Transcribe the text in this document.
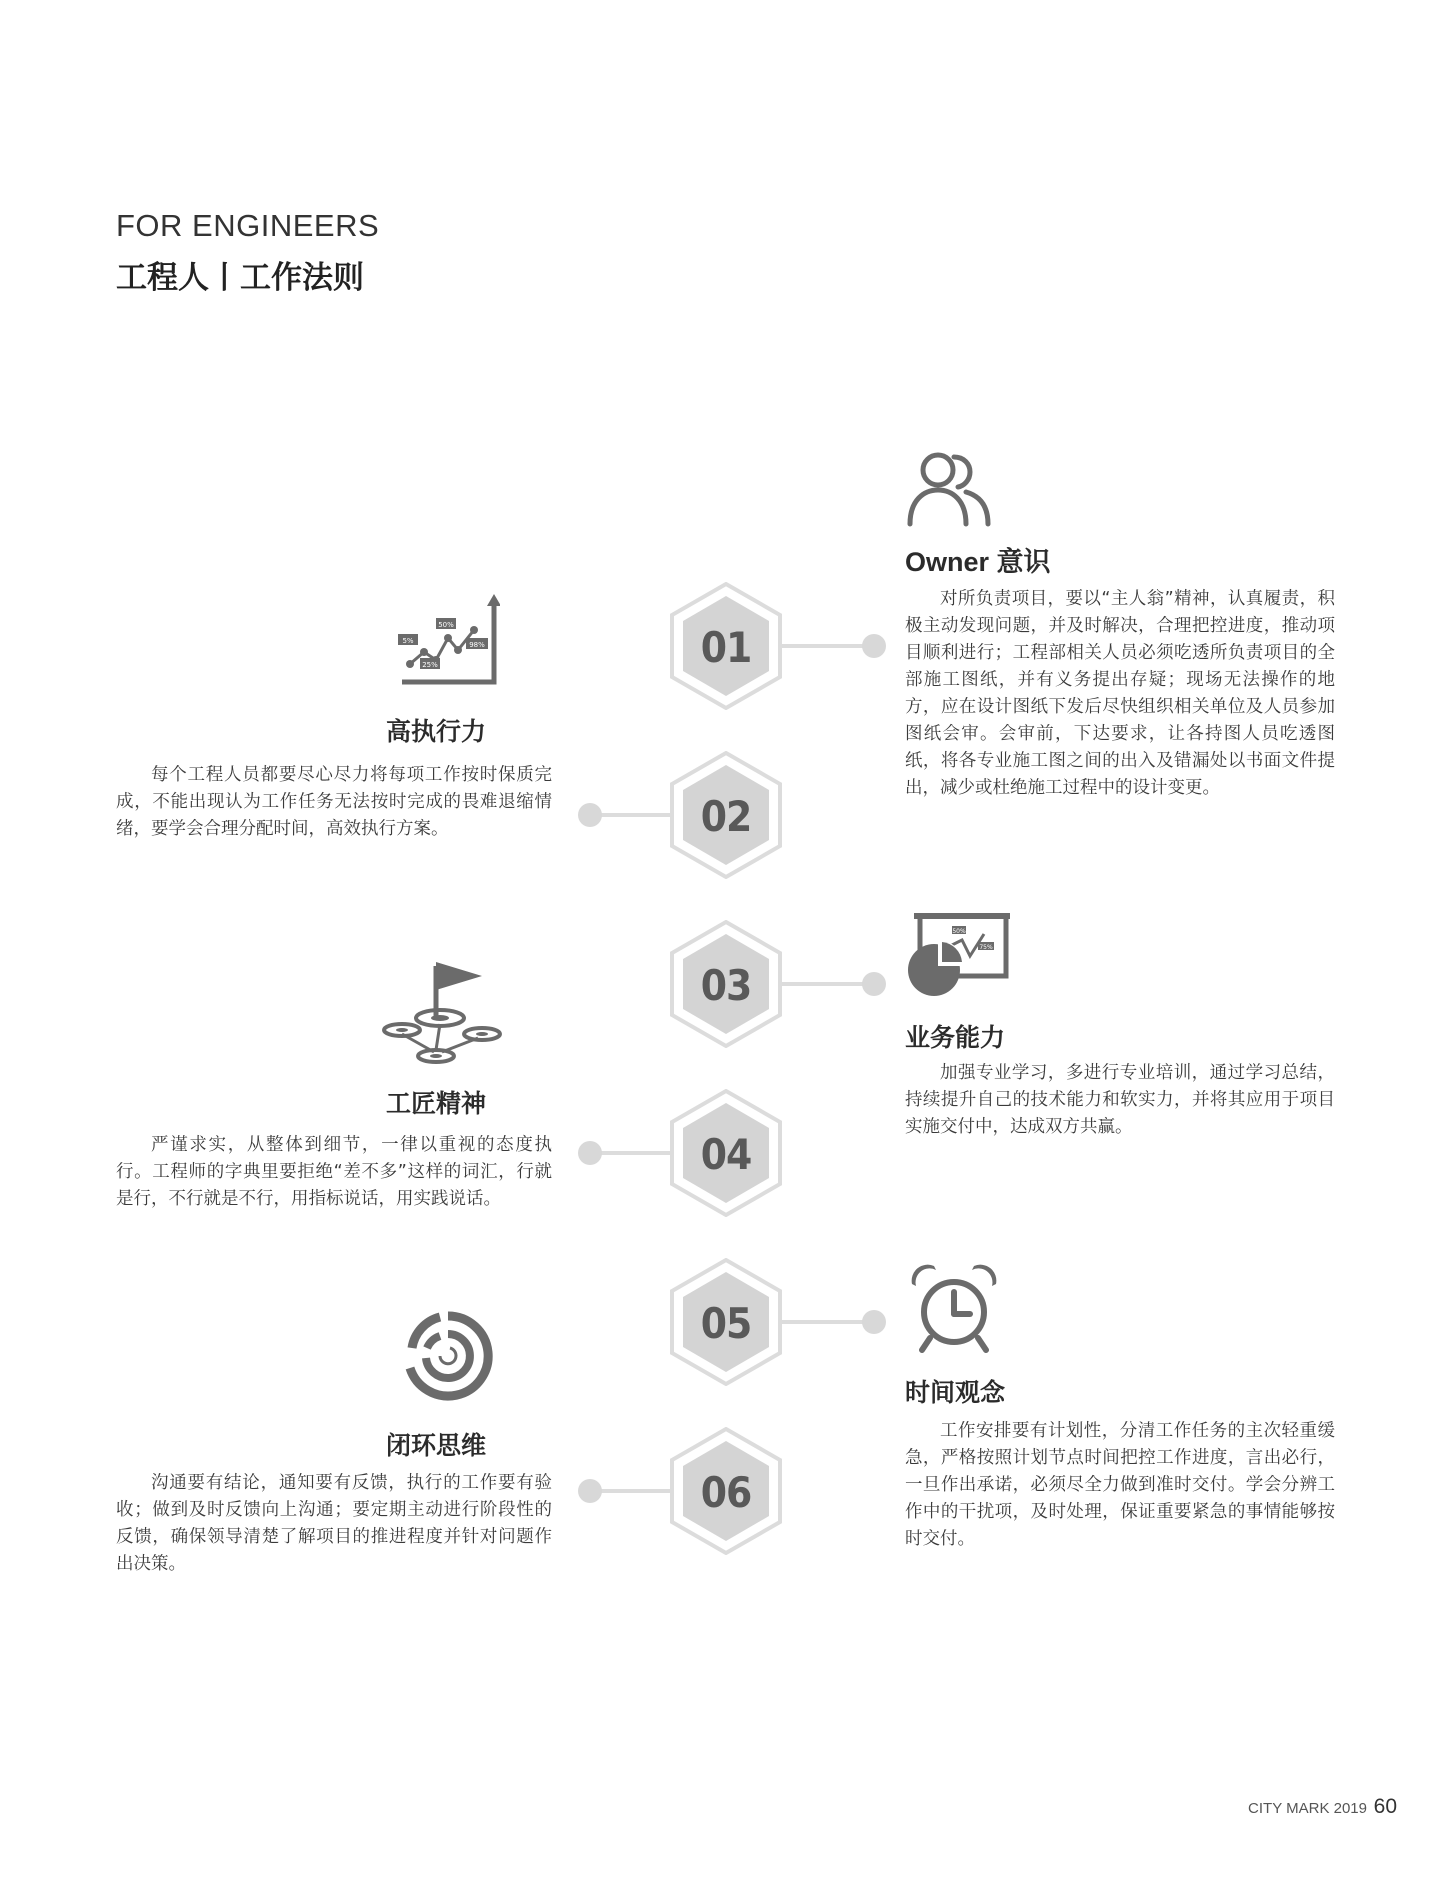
FOR ENGINEERS
工程人丨工作法则
01
02
03
04
05
06
Owner 意识
对所负责项目，要以“主人翁”精神，认真履责，积极主动发现问题，并及时解决，合理把控进度，推动项目顺利进行；工程部相关人员必须吃透所负责项目的全部施工图纸，并有义务提出存疑；现场无法操作的地方，应在设计图纸下发后尽快组织相关单位及人员参加图纸会审。会审前，下达要求，让各持图人员吃透图纸，将各专业施工图之间的出入及错漏处以书面文件提出，减少或杜绝施工过程中的设计变更。
5%
50%
25%
98%
高执行力
每个工程人员都要尽心尽力将每项工作按时保质完成，不能出现认为工作任务无法按时完成的畏难退缩情绪，要学会合理分配时间，高效执行方案。
50%
75%
业务能力
加强专业学习，多进行专业培训，通过学习总结，持续提升自己的技术能力和软实力，并将其应用于项目实施交付中，达成双方共赢。
工匠精神
严谨求实，从整体到细节，一律以重视的态度执行。工程师的字典里要拒绝“差不多”这样的词汇，行就是行，不行就是不行，用指标说话，用实践说话。
时间观念
工作安排要有计划性，分清工作任务的主次轻重缓急，严格按照计划节点时间把控工作进度，言出必行，一旦作出承诺，必须尽全力做到准时交付。学会分辨工作中的干扰项，及时处理，保证重要紧急的事情能够按时交付。
闭环思维
沟通要有结论，通知要有反馈，执行的工作要有验收；做到及时反馈向上沟通；要定期主动进行阶段性的反馈，确保领导清楚了解项目的推进程度并针对问题作出决策。
CITY MARK 2019 60
